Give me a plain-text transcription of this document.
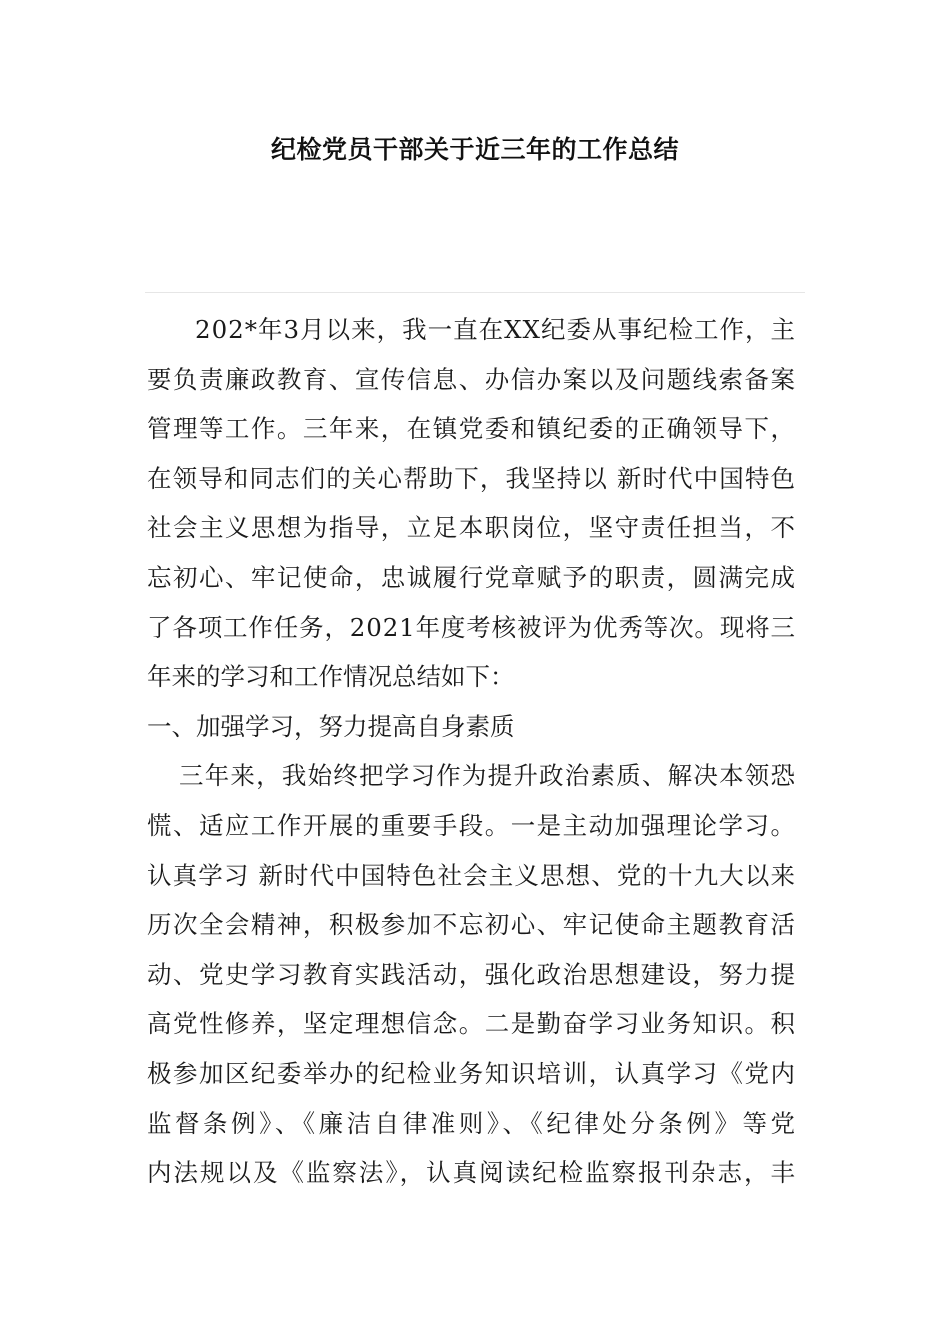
纪检党员干部关于近三年的工作总结
202*年3月以来，我一直在XX纪委从事纪检工作，主
要负责廉政教育、宣传信息、办信办案以及问题线索备案
管理等工作。三年来，在镇党委和镇纪委的正确领导下，
在领导和同志们的关心帮助下，我坚持以 新时代中国特色
社会主义思想为指导，立足本职岗位，坚守责任担当，不
忘初心、牢记使命，忠诚履行党章赋予的职责，圆满完成
了各项工作任务，2021年度考核被评为优秀等次。现将三
年来的学习和工作情况总结如下：
一、加强学习，努力提高自身素质
三年来，我始终把学习作为提升政治素质、解决本领恐
慌、适应工作开展的重要手段。一是主动加强理论学习。
认真学习 新时代中国特色社会主义思想、党的十九大以来
历次全会精神，积极参加不忘初心、牢记使命主题教育活
动、党史学习教育实践活动，强化政治思想建设，努力提
高党性修养，坚定理想信念。二是勤奋学习业务知识。积
极参加区纪委举办的纪检业务知识培训，认真学习《党内
监督条例》、《廉洁自律准则》、《纪律处分条例》等党
内法规以及《监察法》，认真阅读纪检监察报刊杂志，丰
